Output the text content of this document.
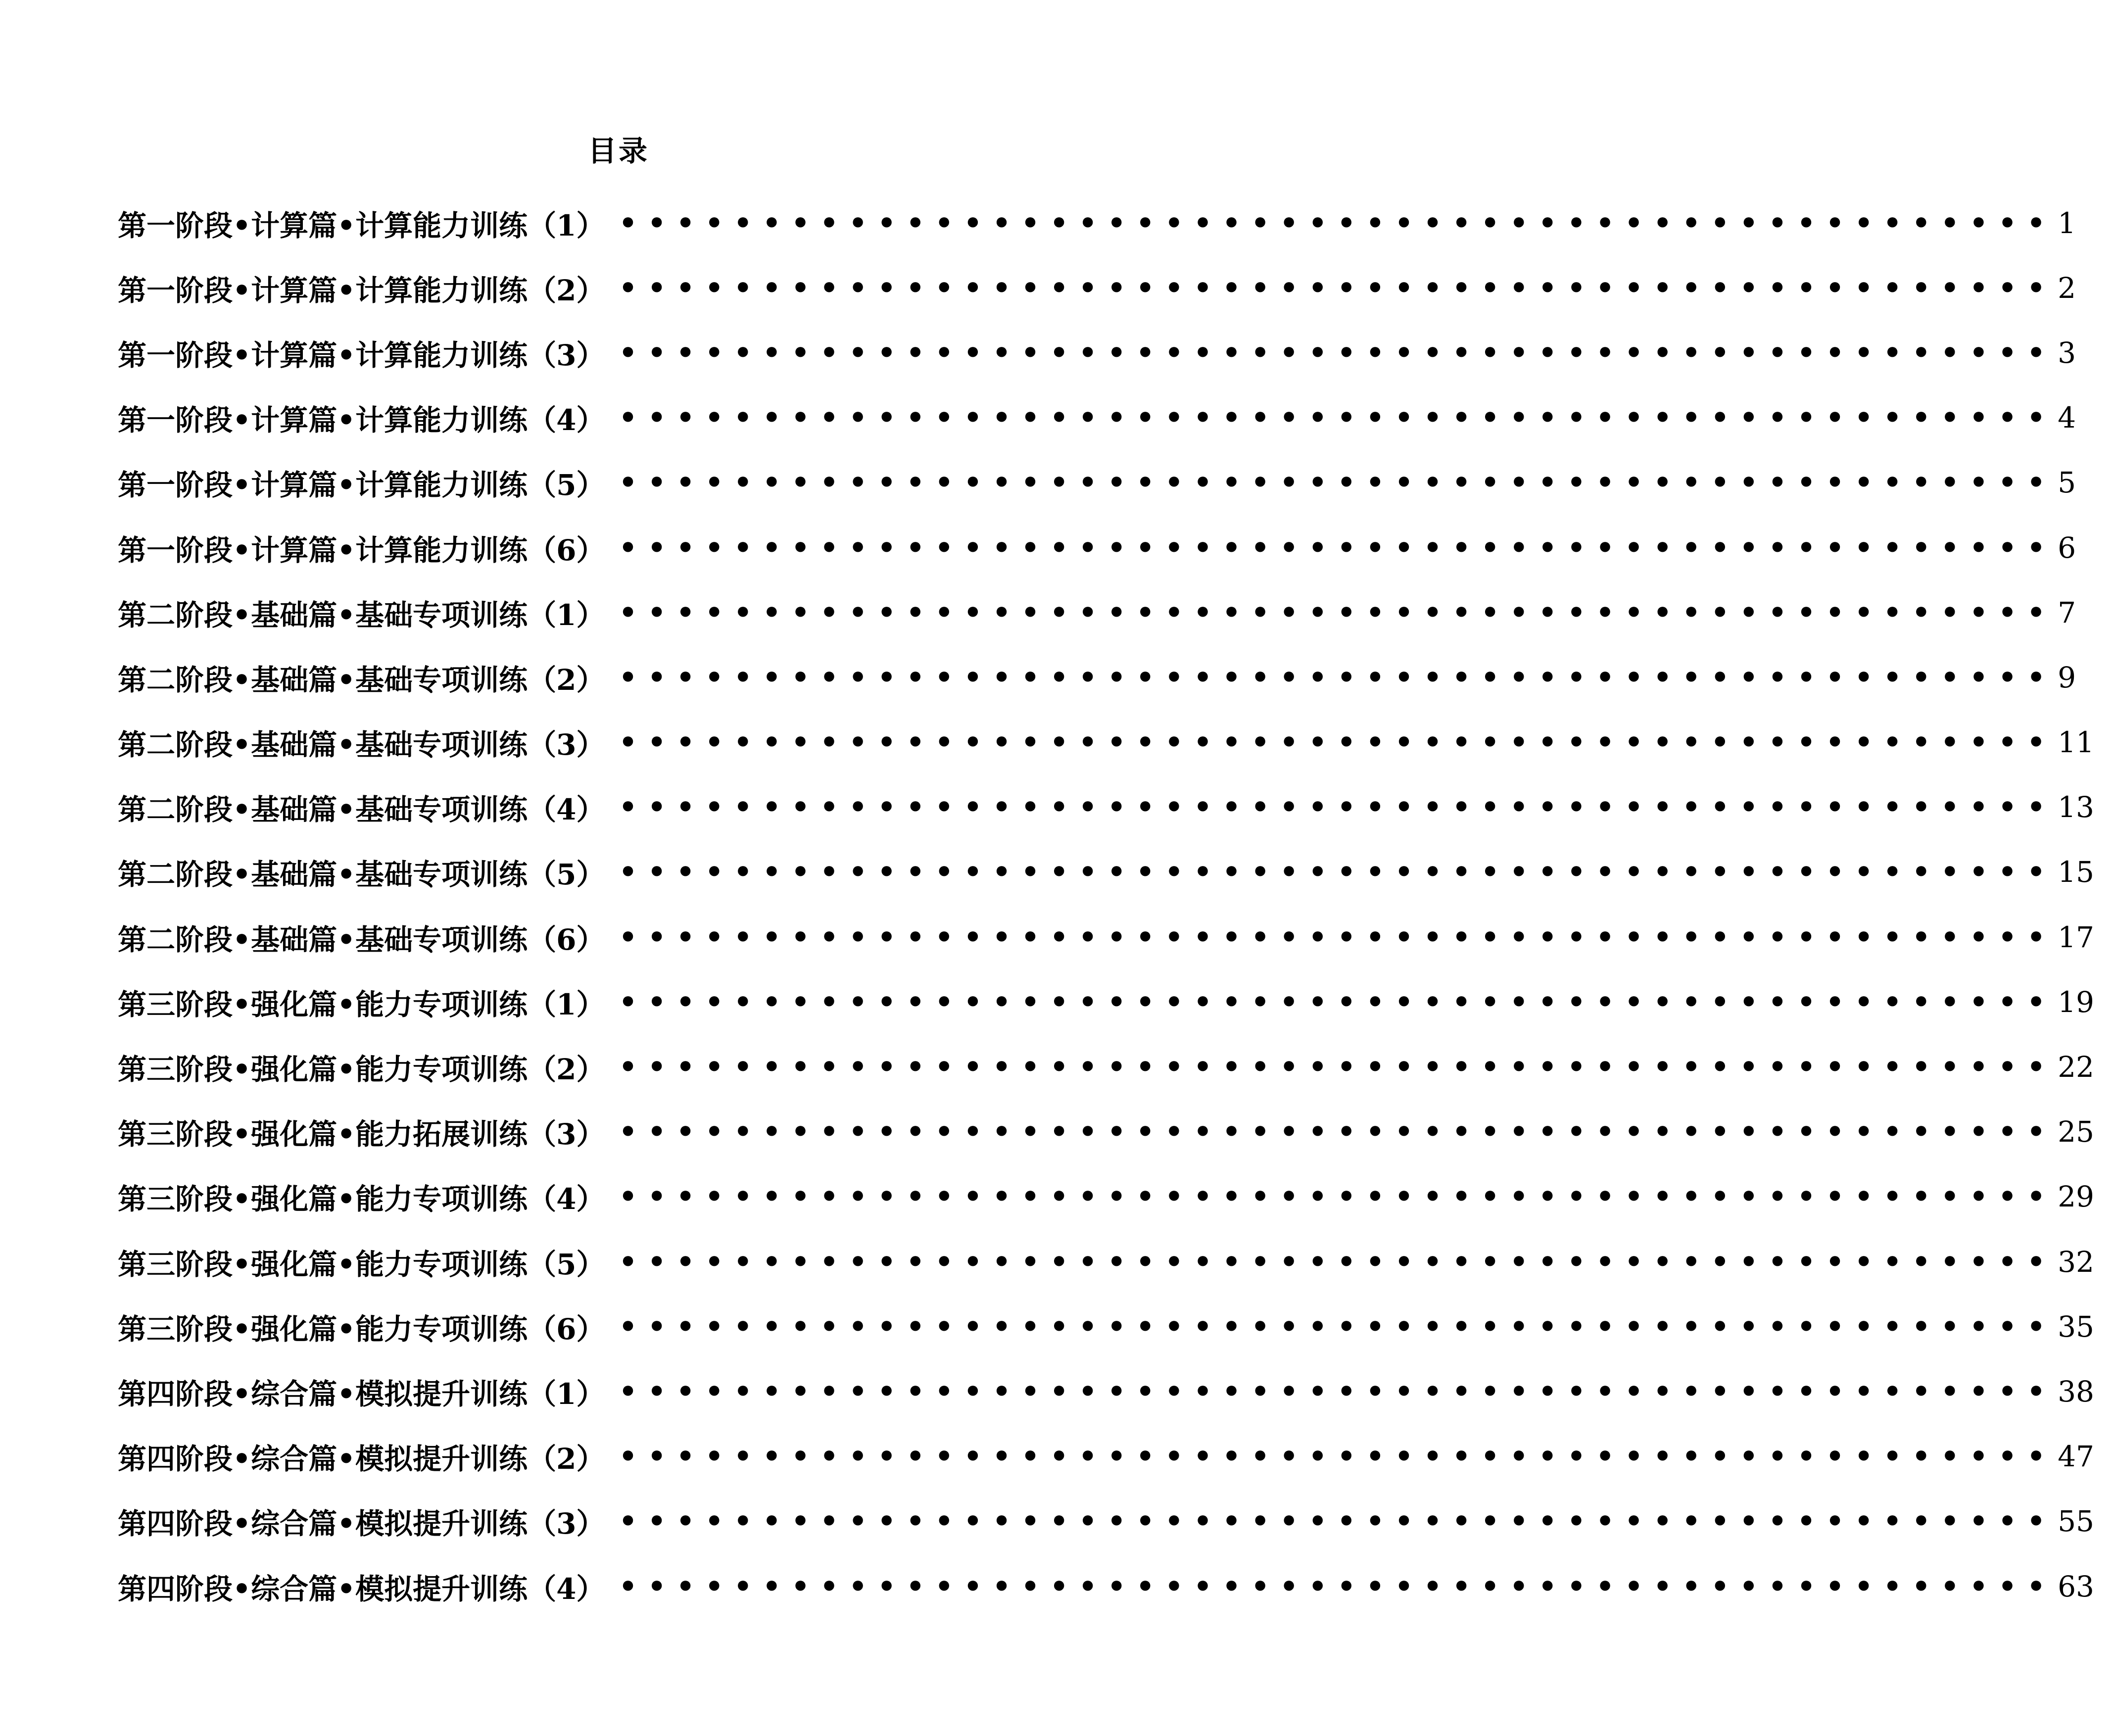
目录
第一阶段•计算篇•计算能力训练（1） •••••••••••••••••••••••••••••••••••••••••••••••••• 1
第一阶段•计算篇•计算能力训练（2） •••••••••••••••••••••••••••••••••••••••••••••••••• 2
第一阶段•计算篇•计算能力训练（3） •••••••••••••••••••••••••••••••••••••••••••••••••• 3
第一阶段•计算篇•计算能力训练（4） •••••••••••••••••••••••••••••••••••••••••••••••••• 4
第一阶段•计算篇•计算能力训练（5） •••••••••••••••••••••••••••••••••••••••••••••••••• 5
第一阶段•计算篇•计算能力训练（6） •••••••••••••••••••••••••••••••••••••••••••••••••• 6
第二阶段•基础篇•基础专项训练（1） •••••••••••••••••••••••••••••••••••••••••••••••••• 7
第二阶段•基础篇•基础专项训练（2） •••••••••••••••••••••••••••••••••••••••••••••••••• 9
第二阶段•基础篇•基础专项训练（3） •••••••••••••••••••••••••••••••••••••••••••••••••• 11
第二阶段•基础篇•基础专项训练（4） •••••••••••••••••••••••••••••••••••••••••••••••••• 13
第二阶段•基础篇•基础专项训练（5） •••••••••••••••••••••••••••••••••••••••••••••••••• 15
第二阶段•基础篇•基础专项训练（6） •••••••••••••••••••••••••••••••••••••••••••••••••• 17
第三阶段•强化篇•能力专项训练（1） •••••••••••••••••••••••••••••••••••••••••••••••••• 19
第三阶段•强化篇•能力专项训练（2） •••••••••••••••••••••••••••••••••••••••••••••••••• 22
第三阶段•强化篇•能力拓展训练（3） •••••••••••••••••••••••••••••••••••••••••••••••••• 25
第三阶段•强化篇•能力专项训练（4） •••••••••••••••••••••••••••••••••••••••••••••••••• 29
第三阶段•强化篇•能力专项训练（5） •••••••••••••••••••••••••••••••••••••••••••••••••• 32
第三阶段•强化篇•能力专项训练（6） •••••••••••••••••••••••••••••••••••••••••••••••••• 35
第四阶段•综合篇•模拟提升训练（1） •••••••••••••••••••••••••••••••••••••••••••••••••• 38
第四阶段•综合篇•模拟提升训练（2） •••••••••••••••••••••••••••••••••••••••••••••••••• 47
第四阶段•综合篇•模拟提升训练（3） •••••••••••••••••••••••••••••••••••••••••••••••••• 55
第四阶段•综合篇•模拟提升训练（4） •••••••••••••••••••••••••••••••••••••••••••••••••• 63
